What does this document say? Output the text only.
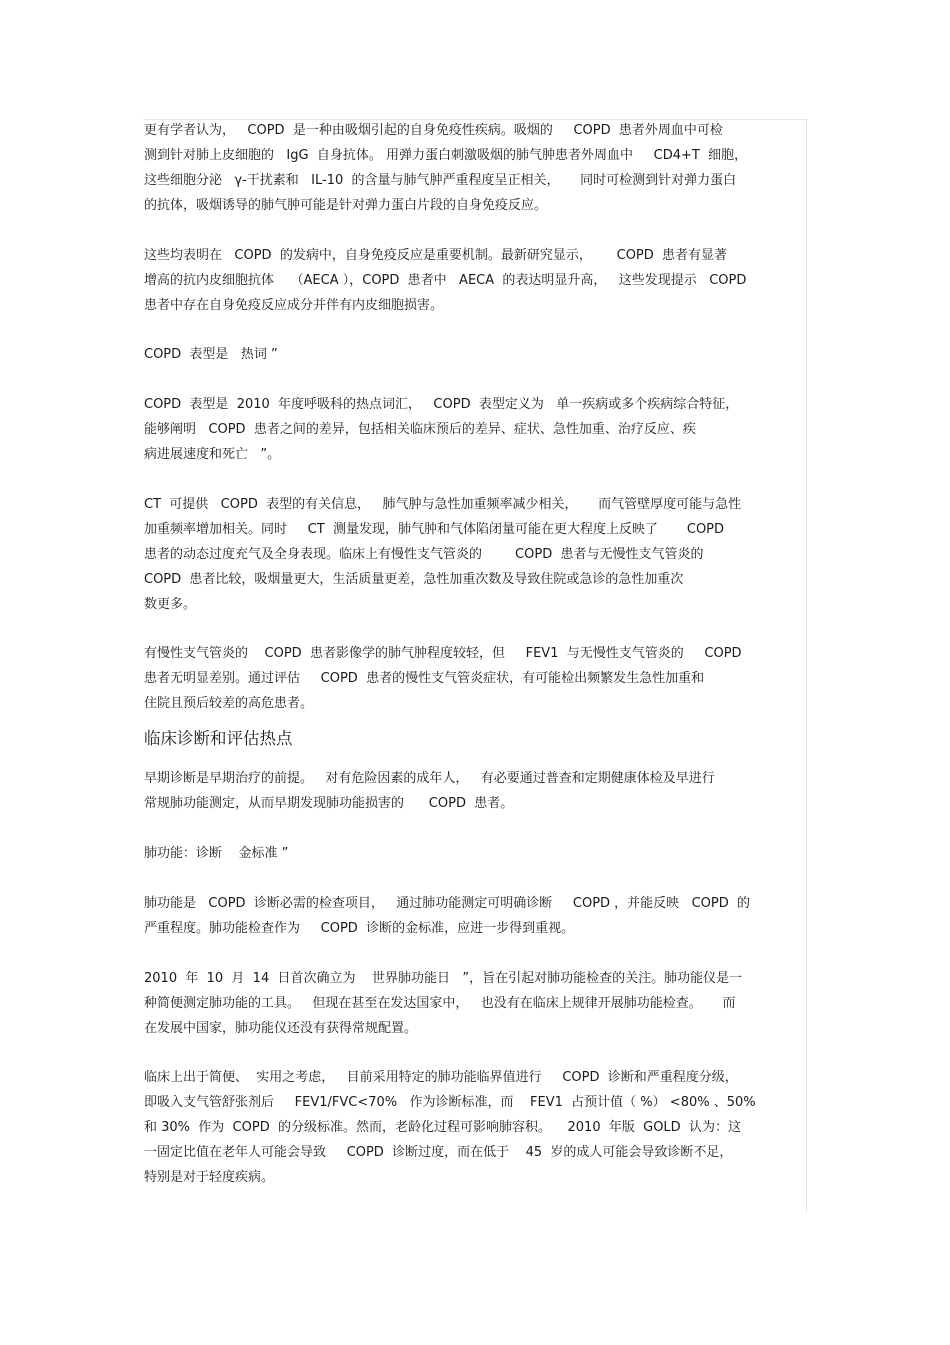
更有学者认为，   COPD  是一种由吸烟引起的自身免疫性疾病。吸烟的     COPD  患者外周血中可检
测到针对肺上皮细胞的   IgG  自身抗体。 用弹力蛋白刺激吸烟的肺气肿患者外周血中     CD4+T  细胞，
这些细胞分泌   γ-干扰素和   IL-10  的含量与肺气肿严重程度呈正相关，     同时可检测到针对弹力蛋白
的抗体，吸烟诱导的肺气肿可能是针对弹力蛋白片段的自身免疫反应。
这些均表明在   COPD  的发病中，自身免疫反应是重要机制。最新研究显示，      COPD  患者有显著
增高的抗内皮细胞抗体    （AECA ），COPD  患者中   AECA  的表达明显升高，   这些发现提示   COPD
患者中存在自身免疫反应成分并伴有内皮细胞损害。
COPD  表型是   热词 ”
COPD  表型是  2010  年度呼吸科的热点词汇，   COPD  表型定义为   单一疾病或多个疾病综合特征，
能够阐明   COPD  患者之间的差异，包括相关临床预后的差异、症状、急性加重、治疗反应、疾
病进展速度和死亡   ”。
CT  可提供   COPD  表型的有关信息，   肺气肿与急性加重频率减少相关，     而气管壁厚度可能与急性
加重频率增加相关。同时     CT  测量发现，肺气肿和气体陷闭量可能在更大程度上反映了       COPD
患者的动态过度充气及全身表现。临床上有慢性支气管炎的        COPD  患者与无慢性支气管炎的
COPD  患者比较，吸烟量更大，生活质量更差，急性加重次数及导致住院或急诊的急性加重次
数更多。
有慢性支气管炎的    COPD  患者影像学的肺气肿程度较轻，但     FEV1  与无慢性支气管炎的     COPD
患者无明显差别。通过评估     COPD  患者的慢性支气管炎症状，有可能检出频繁发生急性加重和
住院且预后较差的高危患者。
临床诊断和评估热点
早期诊断是早期治疗的前提。   对有危险因素的成年人，   有必要通过普查和定期健康体检及早进行
常规肺功能测定，从而早期发现肺功能损害的      COPD  患者。
肺功能：诊断    金标准 ”
肺功能是   COPD  诊断必需的检查项目，   通过肺功能测定可明确诊断     COPD ，并能反映   COPD  的
严重程度。肺功能检查作为     COPD  诊断的金标准，应进一步得到重视。
2010  年  10  月  14  日首次确立为    世界肺功能日   ”，旨在引起对肺功能检查的关注。肺功能仪是一
种简便测定肺功能的工具。   但现在甚至在发达国家中，   也没有在临床上规律开展肺功能检查。     而
在发展中国家，肺功能仪还没有获得常规配置。
临床上出于简便、  实用之考虑，   目前采用特定的肺功能临界值进行     COPD  诊断和严重程度分级，
即吸入支气管舒张剂后     FEV1/FVC<70%   作为诊断标准，而    FEV1  占预计值（ %） <80% 、50%
和 30%  作为  COPD  的分级标准。然而，老龄化过程可影响肺容积。    2010  年版  GOLD  认为：这
一固定比值在老年人可能会导致     COPD  诊断过度，而在低于    45  岁的成人可能会导致诊断不足，
特别是对于轻度疾病。
